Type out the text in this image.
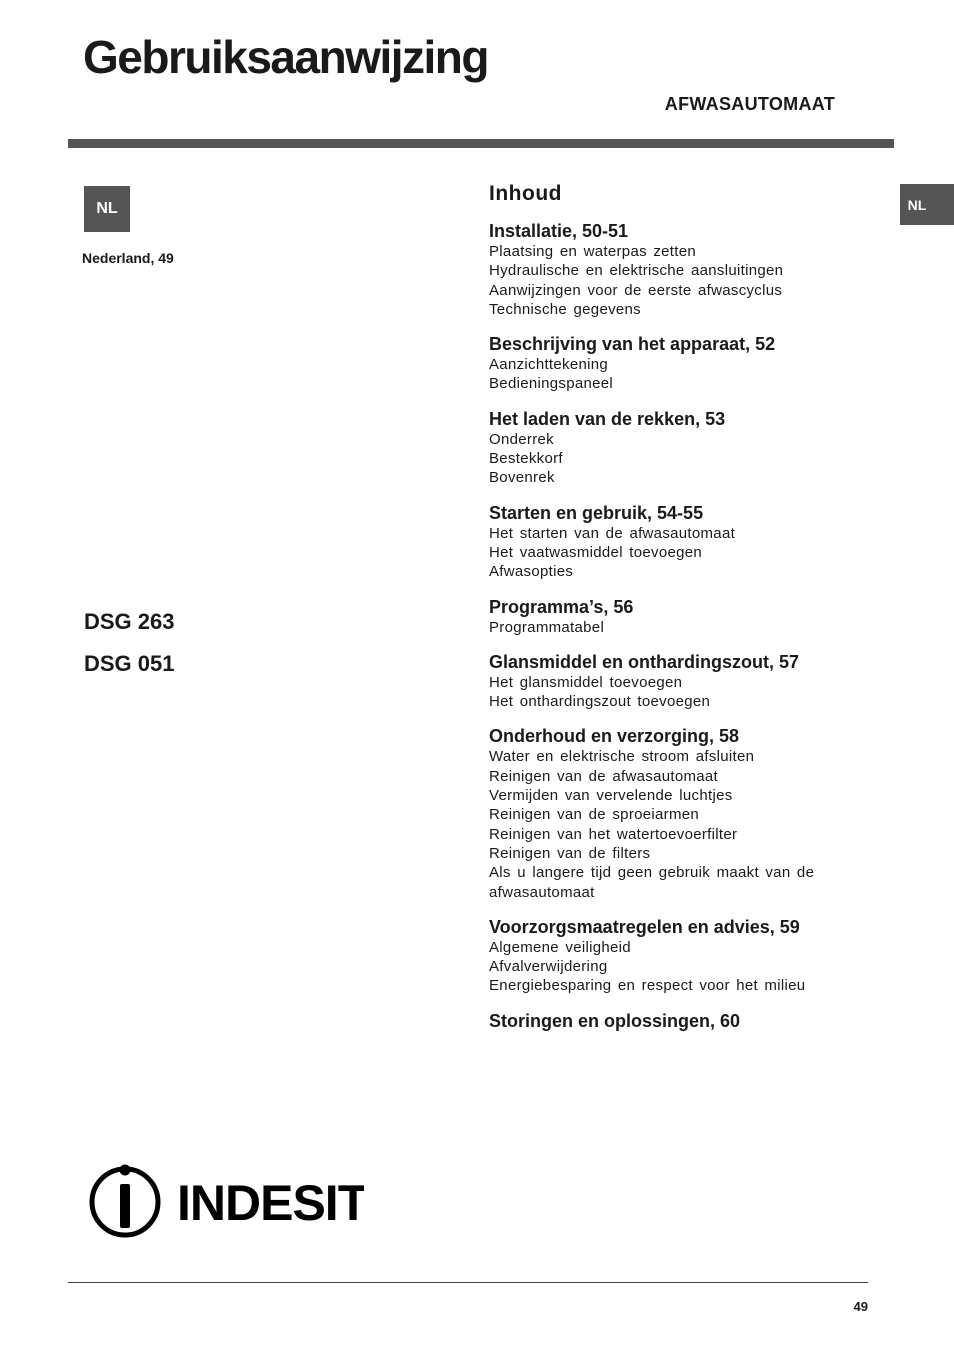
Gebruiksaanwijzing
AFWASAUTOMAAT
NL
Nederland, 49
NL
DSG 263
DSG 051
Inhoud
Installatie, 50-51
Plaatsing en waterpas zetten
Hydraulische en elektrische aansluitingen
Aanwijzingen voor de eerste afwascyclus
Technische gegevens
Beschrijving van het apparaat, 52
Aanzichttekening
Bedieningspaneel
Het laden van de rekken, 53
Onderrek
Bestekkorf
Bovenrek
Starten en gebruik, 54-55
Het starten van de afwasautomaat
Het vaatwasmiddel toevoegen
Afwasopties
Programma’s, 56
Programmatabel
Glansmiddel en onthardingszout, 57
Het glansmiddel toevoegen
Het onthardingszout toevoegen
Onderhoud en verzorging, 58
Water en elektrische stroom afsluiten
Reinigen van de afwasautomaat
Vermijden van vervelende luchtjes
Reinigen van de sproeiarmen
Reinigen van het watertoevoerfilter
Reinigen van de filters
Als u langere tijd geen gebruik maakt van de afwasautomaat
Voorzorgsmaatregelen en advies, 59
Algemene veiligheid
Afvalverwijdering
Energiebesparing en respect voor het milieu
Storingen en oplossingen, 60
INDESIT
49
